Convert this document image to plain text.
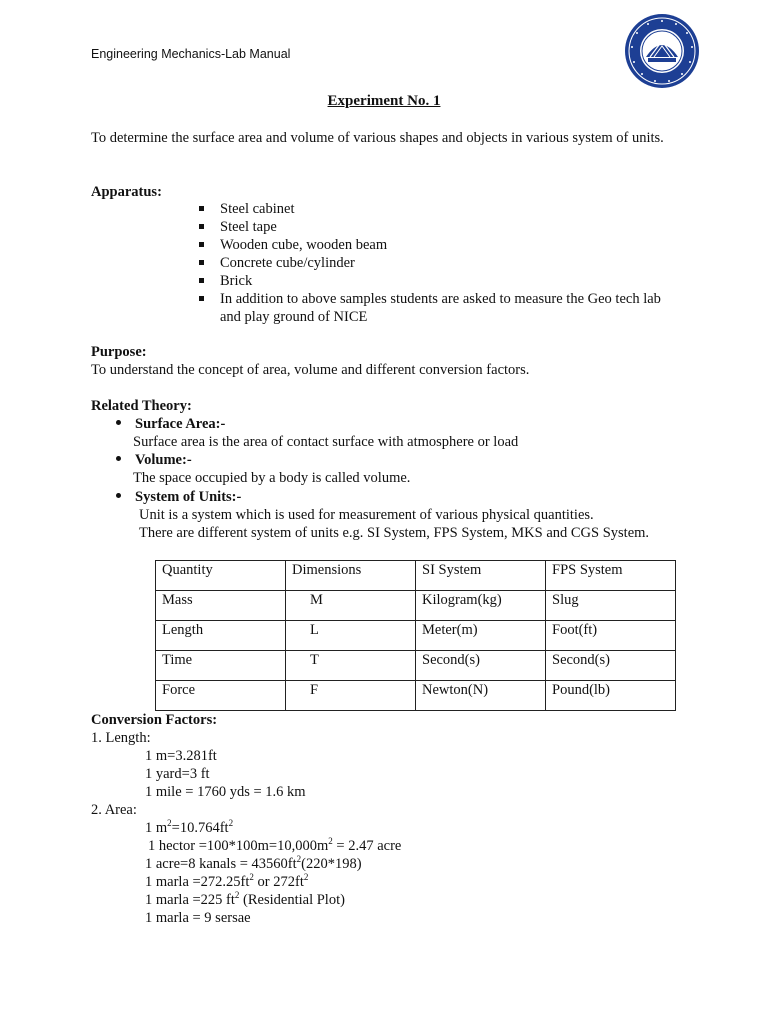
Engineering Mechanics-Lab Manual
Experiment No. 1
To determine the surface area and volume of various shapes and objects in various system of units.
Apparatus:
Steel cabinet
Steel tape
Wooden cube, wooden beam
Concrete cube/cylinder
Brick
In addition to above samples students are asked to measure the Geo tech lab and play ground of NICE
Purpose:
To understand the concept of area, volume and different conversion factors.
Related Theory:
Surface Area:-
Surface area is the area of contact surface with atmosphere or load
Volume:-
The space occupied by a body is called volume.
System of Units:-
Unit is a system which is used for measurement of various physical quantities.
There are different system of units e.g. SI System, FPS System, MKS and CGS System.
Quantity	Dimensions	SI System	FPS System
Mass	M	Kilogram(kg)	Slug
Length	L	Meter(m)	Foot(ft)
Time	T	Second(s)	Second(s)
Force	F	Newton(N)	Pound(lb)
Conversion Factors:
1. Length:
1 m=3.281ft
1 yard=3 ft
1 mile = 1760 yds = 1.6 km
2. Area:
1 $m^2=10.764ft^2$
1 hector $=100*100m=10,000m^2 = 2.47$ acre
1 acre=8 kanals = $43560ft^2(220*198)$
1 marla $=272.25ft^2$ or $272ft^2$
1 marla =225 $ft^2$ (Residential Plot)
1 marla = 9 sersae
